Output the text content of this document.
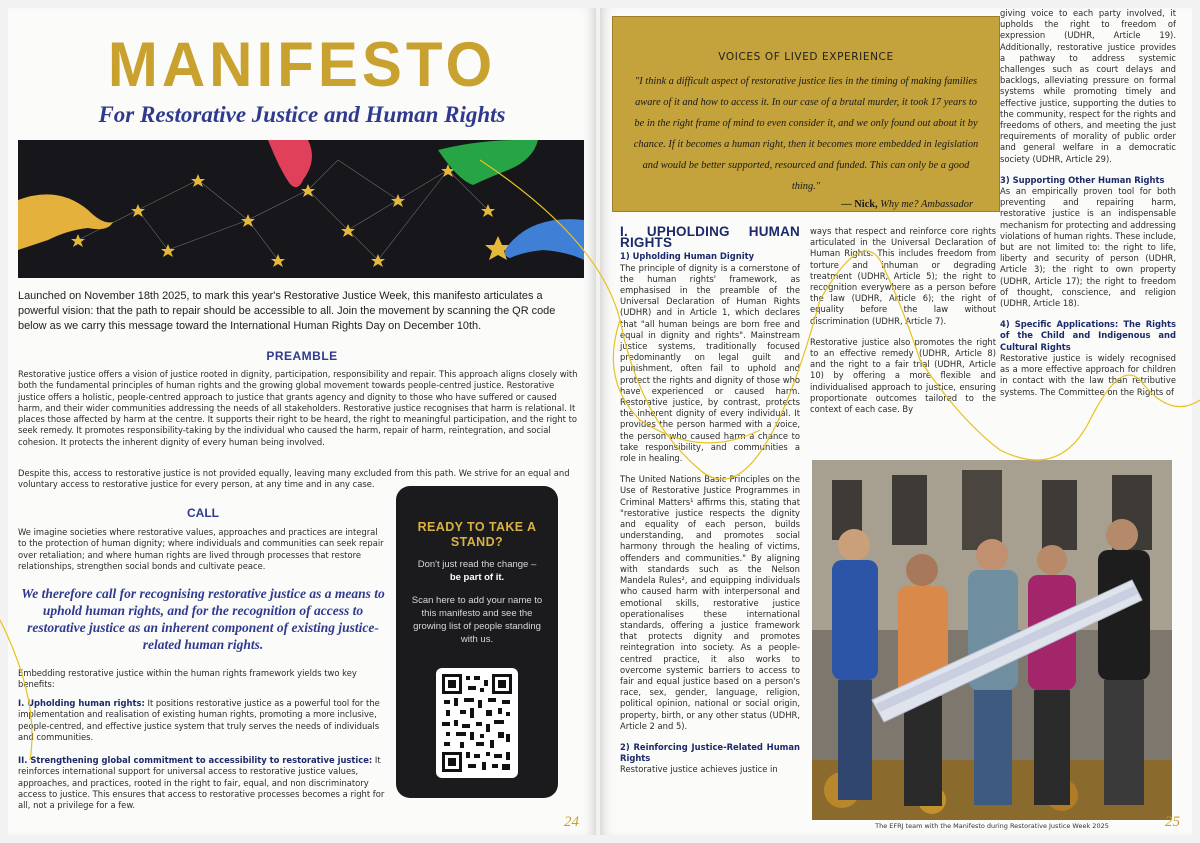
MANIFESTO
For Restorative Justice and Human Rights
Launched on November 18th 2025, to mark this year's Restorative Justice Week, this manifesto articulates a powerful vision: that the path to repair should be accessible to all. Join the movement by scanning the QR code below as we carry this message toward the International Human Rights Day on December 10th.
PREAMBLE
Restorative justice offers a vision of justice rooted in dignity, participation, responsibility and repair. This approach aligns closely with both the fundamental principles of human rights and the growing global movement towards people-centred justice. Restorative justice offers a holistic, people-centred approach to justice that grants agency and dignity to those who have suffered or caused harm, and their wider communities addressing the needs of all stakeholders. Restorative justice recognises that harm is relational. It places those affected by harm at the centre. It supports their right to be heard, the right to meaningful participation, and the right to seek remedy. It promotes responsibility-taking by the individual who caused the harm, repair of harm, reintegration, and social cohesion. It protects the inherent dignity of every human being involved.
Despite this, access to restorative justice is not provided equally, leaving many excluded from this path. We strive for an equal and voluntary access to restorative justice for every person, at any time and in any case.
CALL
We imagine societies where restorative values, approaches and practices are integral to the protection of human dignity; where individuals and communities can seek repair over retaliation; and where human rights are lived through processes that restore relationships, strengthen social bonds and cultivate peace.
We therefore call for recognising restorative justice as a means to uphold human rights, and for the recognition of access to restorative justice as an inherent component of existing justice-related human rights.
Embedding restorative justice within the human rights framework yields two key benefits:
I. Upholding human rights: It positions restorative justice as a powerful tool for the implementation and realisation of existing human rights, promoting a more inclusive, people-centred, and effective justice system that truly serves the needs of individuals and communities.
II. Strengthening global commitment to accessibility to restorative justice: It reinforces international support for universal access to restorative justice values, approaches, and practices, rooted in the right to fair, equal, and non discriminatory access to justice. This ensures that access to restorative processes becomes a right for all, not a privilege for a few.
READY TO TAKE A STAND?
Don't just read the change –
be part of it.
Scan here to add your name to this manifesto and see the growing list of people standing with us.
24
VOICES OF LIVED EXPERIENCE
"I think a difficult aspect of restorative justice lies in the timing of making families aware of it and how to access it. In our case of a brutal murder, it took 17 years to be in the right frame of mind to even consider it, and we only found out about it by chance. If it becomes a human right, then it becomes more embedded in legislation and would be better supported, resourced and funded. This can only be a good thing."
— Nick, Why me? Ambassador
I. UPHOLDING HUMAN RIGHTS
1) Upholding Human Dignity

The principle of dignity is a cornerstone of the human rights' framework, as emphasised in the preamble of the Universal Declaration of Human Rights (UDHR) and in Article 1, which declares that "all human beings are born free and equal in dignity and rights". Mainstream justice systems, traditionally focused predominantly on legal guilt and punishment, often fail to uphold and protect the rights and dignity of those who have experienced or caused harm. Restorative justice, by contrast, protects the inherent dignity of every individual. It provides the person harmed with a voice, the person who caused harm a chance to take responsibility, and communities a role in healing.

The United Nations Basic Principles on the Use of Restorative Justice Programmes in Criminal Matters¹ affirms this, stating that "restorative justice respects the dignity and equality of each person, builds understanding, and promotes social harmony through the healing of victims, offenders and communities." By aligning with standards such as the Nelson Mandela Rules², and equipping individuals who caused harm with interpersonal and emotional skills, restorative justice operationalises these international standards, offering a justice framework that protects dignity and promotes reintegration into society. As a people-centred practice, it also works to overcome systemic barriers to access to fair and equal justice based on a person's race, sex, gender, language, religion, political opinion, national or social origin, property, birth, or any other status (UDHR, Article 2 and 5).

2) Reinforcing Justice-Related Human Rights

Restorative justice achieves justice in

ways that respect and reinforce core rights articulated in the Universal Declaration of Human Rights. This includes freedom from torture and inhuman or degrading treatment (UDHR, Article 5); the right to recognition everywhere as a person before the law (UDHR, Article 6); the right of equality before the law without discrimination (UDHR, Article 7).

Restorative justice also promotes the right to an effective remedy (UDHR, Article 8) and the right to a fair trial (UDHR, Article 10) by offering a more flexible and individualised approach to justice, ensuring proportionate outcomes tailored to the context of each case. By

giving voice to each party involved, it upholds the right to freedom of expression (UDHR, Article 19). Additionally, restorative justice provides a pathway to address systemic challenges such as court delays and backlogs, alleviating pressure on formal systems while promoting timely and effective justice, supporting the duties to the community, respect for the rights and freedoms of others, and meeting the just requirements of morality of public order and general welfare in a democratic society (UDHR, Article 29).

3) Supporting Other Human Rights

As an empirically proven tool for both preventing and repairing harm, restorative justice is an indispensable mechanism for protecting and addressing violations of human rights. These include, but are not limited to: the right to life, liberty and security of person (UDHR, Article 3); the right to own property (UDHR, Article 17); the right to freedom of thought, conscience, and religion (UDHR, Article 18).

4) Specific Applications: The Rights of the Child and Indigenous and Cultural Rights

Restorative justice is widely recognised as a more effective approach for children in contact with the law than retributive systems. The Committee on the Rights of

The EFRJ team with the Manifesto during Restorative Justice Week 2025	25
